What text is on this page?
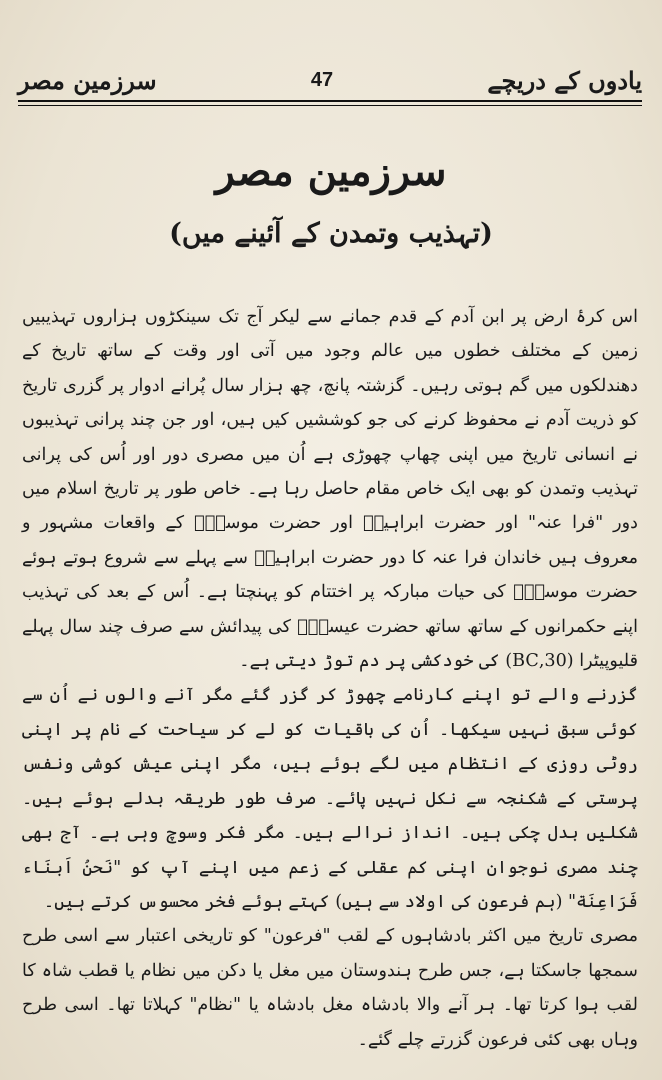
یادوں کے دریچے
47
سرزمین مصر
سرزمین مصر
(تہذیب وتمدن کے آئینے میں)

اس کرۂ ارض پر ابن آدم کے قدم جمانے سے لیکر آج تک سینکڑوں ہزاروں تہذیبیں زمین کے مختلف خطوں میں عالم وجود میں آتی اور وقت کے ساتھ تاریخ کے دھندلکوں میں گم ہوتی رہیں۔ گزشتہ پانچ، چھ ہزار سال پُرانے ادوار پر گزری تاریخ کو ذریت آدم نے محفوظ کرنے کی جو کوششیں کیں ہیں، اور جن چند پرانی تہذیبوں نے انسانی تاریخ میں اپنی چھاپ چھوڑی ہے اُن میں مصری دور اور اُس کی پرانی تہذیب وتمدن کو بھی ایک خاص مقام حاصل رہا ہے۔ خاص طور پر تاریخ اسلام میں دور "فرا عنہ" اور حضرت ابراہیمؑ اور حضرت موسیٰؑ کے واقعات مشہور و معروف ہیں خاندان فرا عنہ کا دور حضرت ابراہیمؑ سے پہلے سے شروع ہوتے ہوئے حضرت موسیٰؑ کی حیات مبارکہ پر اختتام کو پہنچتا ہے۔ اُس کے بعد کی تہذیب اپنے حکمرانوں کے ساتھ ساتھ حضرت عیسیٰؑ کی پیدائش سے صرف چند سال پہلے قلیوپیٹرا (30,BC) کی خودکشی پر دم توڑ دیتی ہے۔

گزرنے والے تو اپنے کارنامے چھوڑ کر گزر گئے مگر آنے والوں نے اُن سے کوئی سبق نہیں سیکھا۔ اُن کی باقیات کو لے کر سیاحت کے نام پر اپنی روٹی روزی کے انتظام میں لگے ہوئے ہیں، مگر اپنی عیش کوشی ونفس پرستی کے شکنجہ سے نکل نہیں پائے۔ صرف طور طریقہ بدلے ہوئے ہیں۔ شکلیں بدل چکی ہیں۔ انداز نرالے ہیں۔ مگر فکر وسوچ وہی ہے۔ آج بھی چند مصری نوجوان اپنی کم عقلی کے زعم میں اپنے آپ کو "نَحنُ اَبنَاء فَرَاعِنَة" (ہم فرعون کی اولاد سے ہیں) کہتے ہوئے فخر محسوس کرتے ہیں۔

مصری تاریخ میں اکثر بادشاہوں کے لقب "فرعون" کو تاریخی اعتبار سے اسی طرح سمجھا جاسکتا ہے، جس طرح ہندوستان میں مغل یا دکن میں نظام یا قطب شاہ کا لقب ہوا کرتا تھا۔ ہر آنے والا بادشاہ مغل بادشاہ یا "نظام" کہلاتا تھا۔ اسی طرح وہاں بھی کئی فرعون گزرتے چلے گئے۔
